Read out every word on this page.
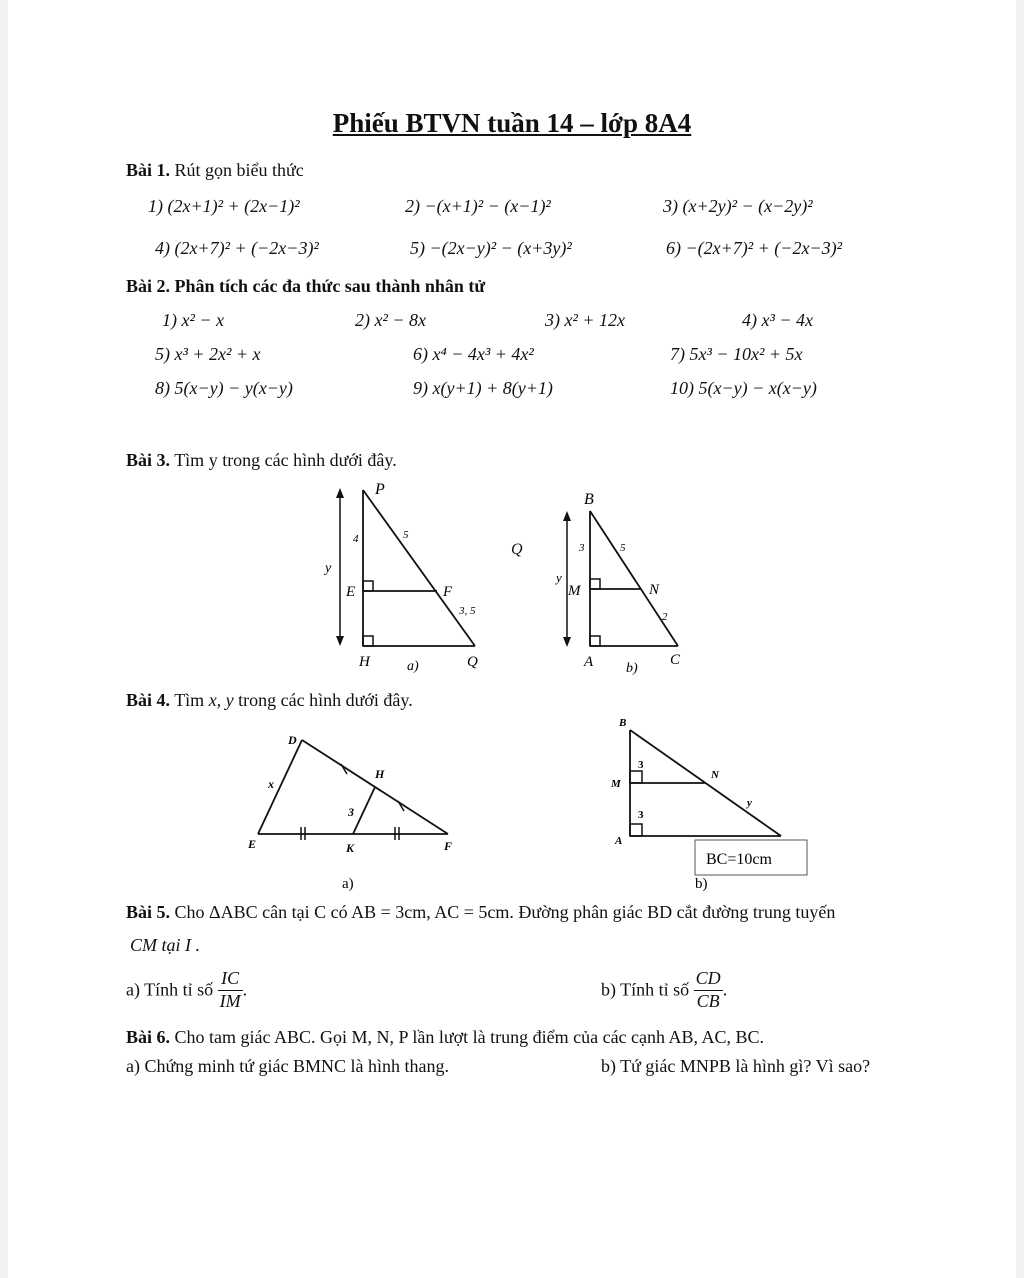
Phiếu BTVN tuần 14 – lớp 8A4
Bài 1. Rút gọn biểu thức
1) (2x+1)² + (2x−1)²	2) −(x+1)² − (x−1)²	3) (x+2y)² − (x−2y)²
4) (2x+7)² + (−2x−3)²	5) −(2x−y)² − (x+3y)²	6) −(2x+7)² + (−2x−3)²
Bài 2. Phân tích các đa thức sau thành nhân tử
1) x² − x	2) x² − 8x	3) x² + 12x	4) x³ − 4x
5) x³ + 2x² + x	6) x⁴ − 4x³ + 4x²	7) 5x³ − 10x² + 5x
8) 5(x−y) − y(x−y)	9) x(y+1) + 8(y+1)	10) 5(x−y) − x(x−y)
Bài 3. Tìm y trong các hình dưới đây.
P
4	5
y
E	F
3, 5
H	a)	Q
Q
B
3	5
y
M	N
2
A b)
C
Bài 4. Tìm x, y trong các hình dưới đây.
D
x
H
3
E	K	F
a)
B
3
M
N
y
3
A
BC=10cm
b)
Bài 5. Cho ΔABC cân tại C có AB = 3cm, AC = 5cm. Đường phân giác BD cắt đường trung tuyến
CM tại I .
a) Tính tỉ số $\frac{IC}{IM}$ .	b) Tính tỉ số $\frac{CD}{CB}$ .
Bài 6. Cho tam giác ABC. Gọi M, N, P lần lượt là trung điểm của các cạnh AB, AC, BC.
a) Chứng minh tứ giác BMNC là hình thang.	b) Tứ giác MNPB là hình gì? Vì sao?
